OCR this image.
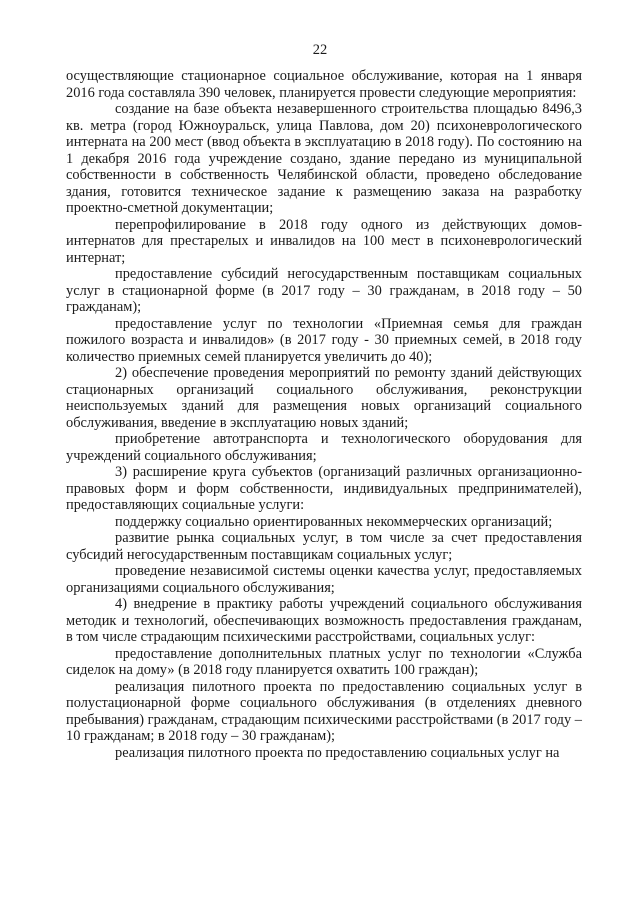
22

осуществляющие стационарное социальное обслуживание, которая на 1 января 2016 года составляла 390 человек, планируется провести следующие мероприятия:

создание на базе объекта незавершенного строительства площадью 8496,3 кв. метра (город Южноуральск, улица Павлова, дом 20) психоневрологического интерната на 200 мест (ввод объекта в эксплуатацию в 2018 году). По состоянию на 1 декабря 2016 года учреждение создано, здание передано из муниципальной собственности в собственность Челябинской области, проведено обследование здания, готовится техническое задание к размещению заказа на разработку проектно-сметной документации;

перепрофилирование в 2018 году одного из действующих домов-интернатов для престарелых и инвалидов на 100 мест в психоневрологический интернат;

предоставление субсидий негосударственным поставщикам социальных услуг в стационарной форме (в 2017 году – 30 гражданам, в 2018 году – 50 гражданам);

предоставление услуг по технологии «Приемная семья для граждан пожилого возраста и инвалидов» (в 2017 году - 30 приемных семей, в 2018 году количество приемных семей планируется увеличить до 40);

2) обеспечение проведения мероприятий по ремонту зданий действующих стационарных организаций социального обслуживания, реконструкции неиспользуемых зданий для размещения новых организаций социального обслуживания, введение в эксплуатацию новых зданий;

приобретение автотранспорта и технологического оборудования для учреждений социального обслуживания;

3) расширение круга субъектов (организаций различных организационно-правовых форм и форм собственности, индивидуальных предпринимателей), предоставляющих социальные услуги:

поддержку социально ориентированных некоммерческих организаций;

развитие рынка социальных услуг, в том числе за счет предоставления субсидий негосударственным поставщикам социальных услуг;

проведение независимой системы оценки качества услуг, предоставляемых организациями социального обслуживания;

4) внедрение в практику работы учреждений социального обслуживания методик и технологий, обеспечивающих возможность предоставления гражданам, в том числе страдающим психическими расстройствами, социальных услуг:

предоставление дополнительных платных услуг по технологии «Служба сиделок на дому» (в 2018 году планируется охватить 100 граждан);

реализация пилотного проекта по предоставлению социальных услуг в полустационарной форме социального обслуживания (в отделениях дневного пребывания) гражданам, страдающим психическими расстройствами (в 2017 году – 10 гражданам; в 2018 году – 30 гражданам);

реализация пилотного проекта по предоставлению социальных услуг на
